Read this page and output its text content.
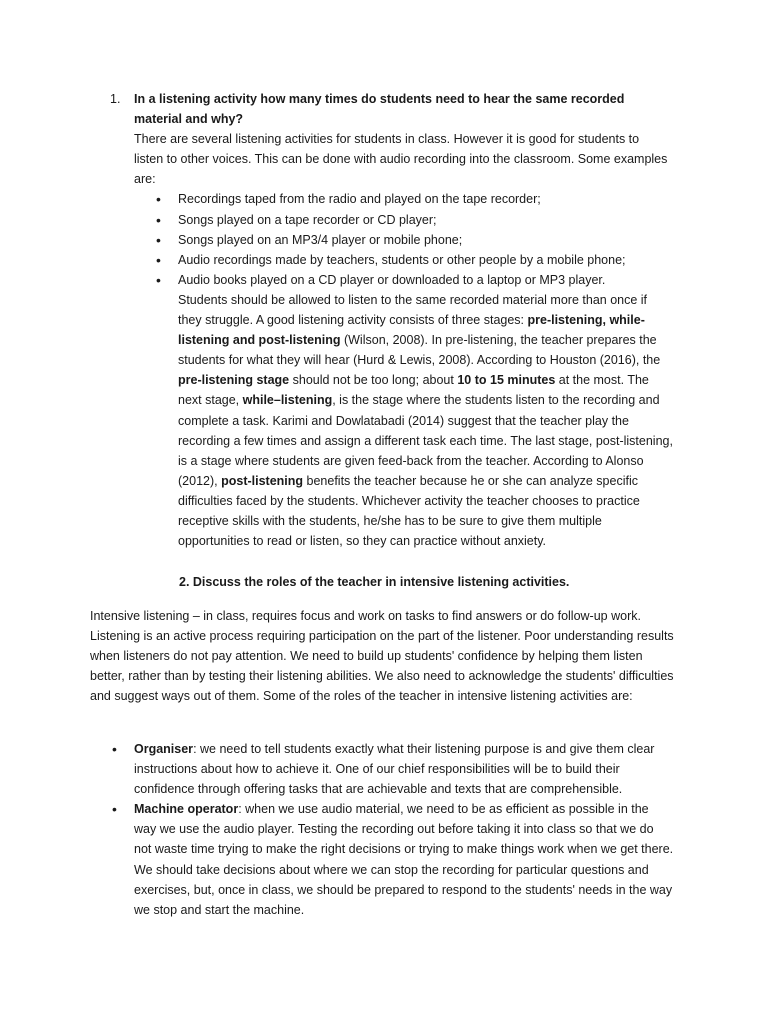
1. In a listening activity how many times do students need to hear the same recorded material and why?

There are several listening activities for students in class. However it is good for students to listen to other voices. This can be done with audio recording into the classroom. Some examples are:

• Recordings taped from the radio and played on the tape recorder;
• Songs played on a tape recorder or CD player;
• Songs played on an MP3/4 player or mobile phone;
• Audio recordings made by teachers, students or other people by a mobile phone;
• Audio books played on a CD player or downloaded to a laptop or MP3 player.

Students should be allowed to listen to the same recorded material more than once if they struggle. A good listening activity consists of three stages: pre-listening, while-listening and post-listening (Wilson, 2008). In pre-listening, the teacher prepares the students for what they will hear (Hurd & Lewis, 2008). According to Houston (2016), the pre-listening stage should not be too long; about 10 to 15 minutes at the most. The next stage, while–listening, is the stage where the students listen to the recording and complete a task. Karimi and Dowlatabadi (2014) suggest that the teacher play the recording a few times and assign a different task each time. The last stage, post-listening, is a stage where students are given feed-back from the teacher. According to Alonso (2012), post-listening benefits the teacher because he or she can analyze specific difficulties faced by the students. Whichever activity the teacher chooses to practice receptive skills with the students, he/she has to be sure to give them multiple opportunities to read or listen, so they can practice without anxiety.

2. Discuss the roles of the teacher in intensive listening activities.

Intensive listening – in class, requires focus and work on tasks to find answers or do follow-up work. Listening is an active process requiring participation on the part of the listener. Poor understanding results when listeners do not pay attention. We need to build up students' confidence by helping them listen better, rather than by testing their listening abilities. We also need to acknowledge the students' difficulties and suggest ways out of them. Some of the roles of the teacher in intensive listening activities are:

• Organiser: we need to tell students exactly what their listening purpose is and give them clear instructions about how to achieve it. One of our chief responsibilities will be to build their confidence through offering tasks that are achievable and texts that are comprehensible.
• Machine operator: when we use audio material, we need to be as efficient as possible in the way we use the audio player. Testing the recording out before taking it into class so that we do not waste time trying to make the right decisions or trying to make things work when we get there. We should take decisions about where we can stop the recording for particular questions and exercises, but, once in class, we should be prepared to respond to the students' needs in the way we stop and start the machine.
